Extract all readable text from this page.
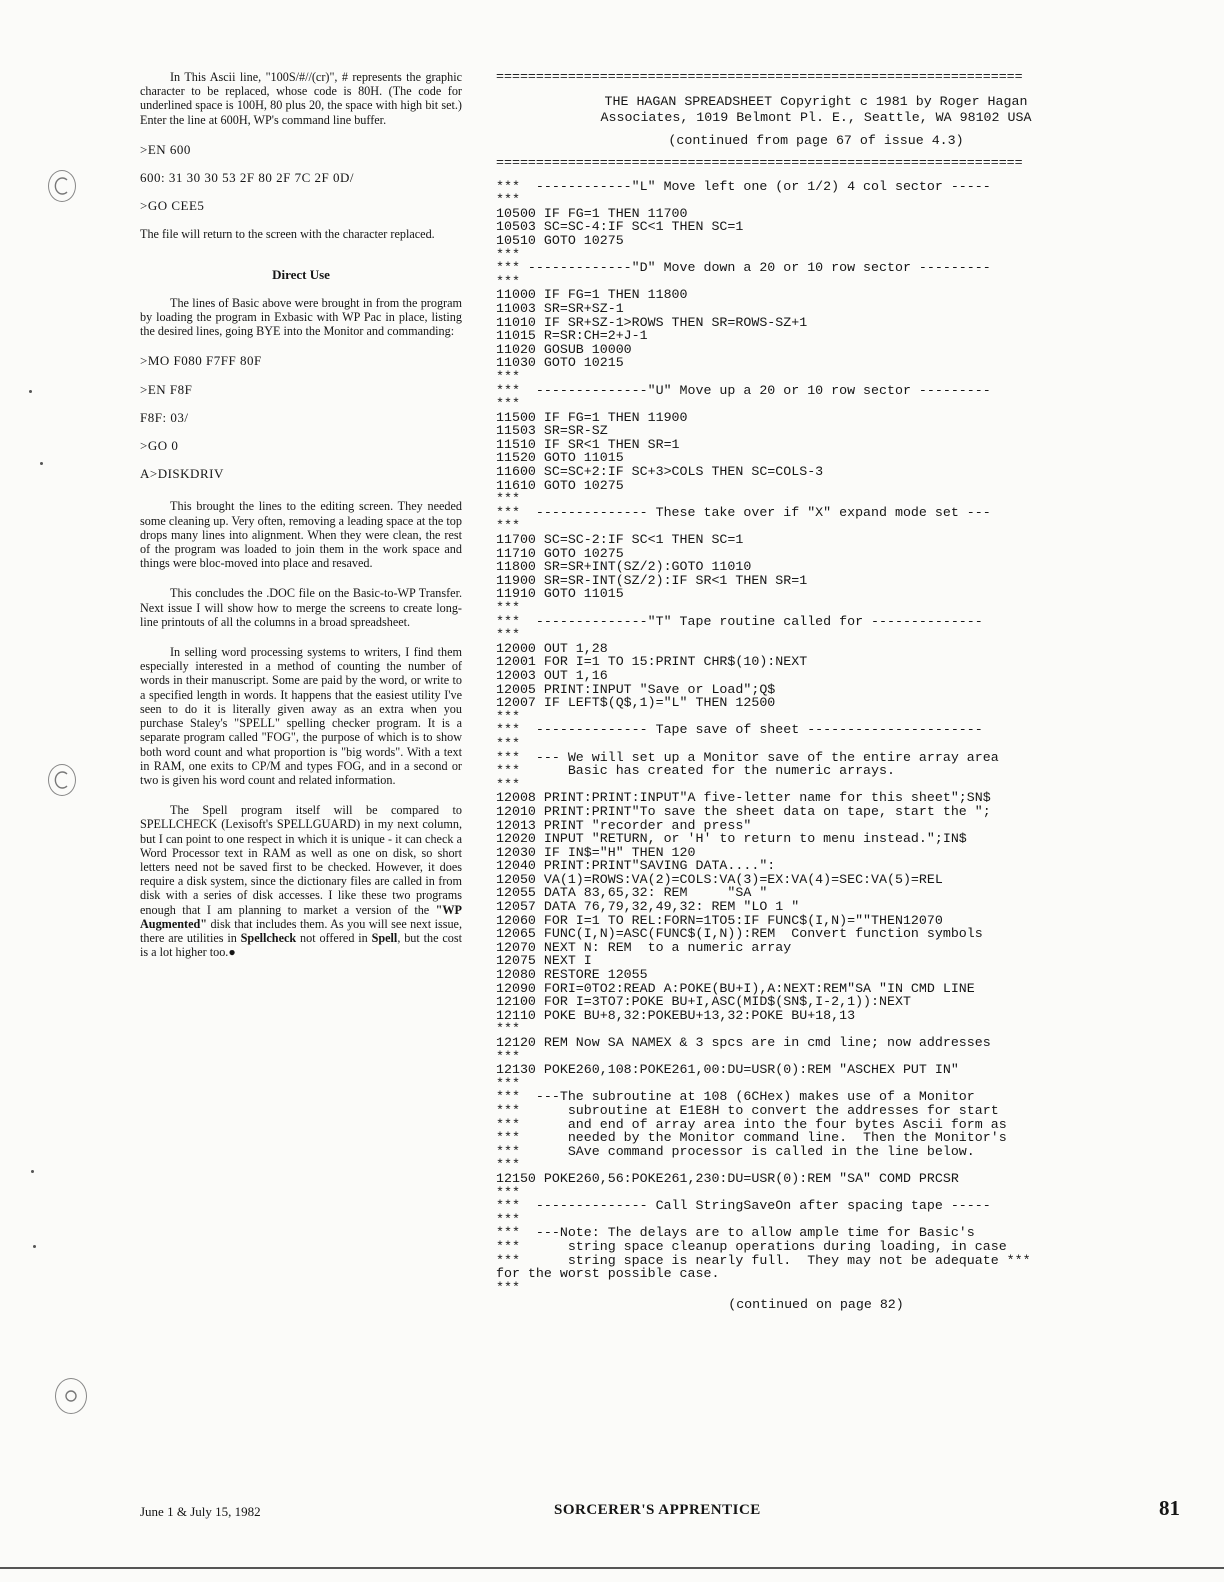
In This Ascii line, "100S/#//(cr)", # represents the graphic character to be replaced, whose code is 80H. (The code for underlined space is 100H, 80 plus 20, the space with high bit set.) Enter the line at 600H, WP's command line buffer.

>EN 600
600: 31 30 30 53 2F 80 2F 7C 2F 0D/
>GO CEE5

The file will return to the screen with the character replaced.

Direct Use

The lines of Basic above were brought in from the program by loading the program in Exbasic with WP Pac in place, listing the desired lines, going BYE into the Monitor and commanding:

>MO F080 F7FF 80F
>EN F8F
F8F: 03/
>GO 0
A>DISKDRIV

This brought the lines to the editing screen. They needed some cleaning up. Very often, removing a leading space at the top drops many lines into alignment. When they were clean, the rest of the program was loaded to join them in the work space and things were bloc-moved into place and resaved.

This concludes the .DOC file on the Basic-to-WP Transfer. Next issue I will show how to merge the screens to create long-line printouts of all the columns in a broad spreadsheet.

In selling word processing systems to writers, I find them especially interested in a method of counting the number of words in their manuscript. Some are paid by the word, or write to a specified length in words. It happens that the easiest utility I've seen to do it is literally given away as an extra when you purchase Staley's "SPELL" spelling checker program. It is a separate program called "FOG", the purpose of which is to show both word count and what proportion is "big words". With a text in RAM, one exits to CP/M and types FOG, and in a second or two is given his word count and related information.

The Spell program itself will be compared to SPELLCHECK (Lexisoft's SPELLGUARD) in my next column, but I can point to one respect in which it is unique - it can check a Word Processor text in RAM as well as one on disk, so short letters need not be saved first to be checked. However, it does require a disk system, since the dictionary files are called in from disk with a series of disk accesses. I like these two programs enough that I am planning to market a version of the "WP Augmented" disk that includes them. As you will see next issue, there are utilities in Spellcheck not offered in Spell, but the cost is a lot higher too.●

==================================================================
THE HAGAN SPREADSHEET Copyright c 1981 by Roger Hagan
Associates, 1019 Belmont Pl. E., Seattle, WA 98102 USA
(continued from page 67 of issue 4.3)
==================================================================
***  ------------"L" Move left one (or 1/2) 4 col sector -----
***
10500 IF FG=1 THEN 11700
10503 SC=SC-4:IF SC<1 THEN SC=1
10510 GOTO 10275
***
*** -------------"D" Move down a 20 or 10 row sector ---------
***
11000 IF FG=1 THEN 11800
11003 SR=SR+SZ-1
11010 IF SR+SZ-1>ROWS THEN SR=ROWS-SZ+1
11015 R=SR:CH=2+J-1
11020 GOSUB 10000
11030 GOTO 10215
***
***  --------------"U" Move up a 20 or 10 row sector ---------
***
11500 IF FG=1 THEN 11900
11503 SR=SR-SZ
11510 IF SR<1 THEN SR=1
11520 GOTO 11015
11600 SC=SC+2:IF SC+3>COLS THEN SC=COLS-3
11610 GOTO 10275
***
***  -------------- These take over if "X" expand mode set ---
***
11700 SC=SC-2:IF SC<1 THEN SC=1
11710 GOTO 10275
11800 SR=SR+INT(SZ/2):GOTO 11010
11900 SR=SR-INT(SZ/2):IF SR<1 THEN SR=1
11910 GOTO 11015
***
***  --------------"T" Tape routine called for --------------
***
12000 OUT 1,28
12001 FOR I=1 TO 15:PRINT CHR$(10):NEXT
12003 OUT 1,16
12005 PRINT:INPUT "Save or Load";Q$
12007 IF LEFT$(Q$,1)="L" THEN 12500
***
***  -------------- Tape save of sheet ----------------------
***
***  --- We will set up a Monitor save of the entire array area
***      Basic has created for the numeric arrays.
***
12008 PRINT:PRINT:INPUT"A five-letter name for this sheet";SN$
12010 PRINT:PRINT"To save the sheet data on tape, start the ";
12013 PRINT "recorder and press"
12020 INPUT "RETURN, or 'H' to return to menu instead.";IN$
12030 IF IN$="H" THEN 120
12040 PRINT:PRINT"SAVING DATA....":
12050 VA(1)=ROWS:VA(2)=COLS:VA(3)=EX:VA(4)=SEC:VA(5)=REL
12055 DATA 83,65,32: REM     "SA "
12057 DATA 76,79,32,49,32: REM "LO 1 "
12060 FOR I=1 TO REL:FORN=1TO5:IF FUNC$(I,N)=""THEN12070
12065 FUNC(I,N)=ASC(FUNC$(I,N)):REM  Convert function symbols
12070 NEXT N: REM  to a numeric array
12075 NEXT I
12080 RESTORE 12055
12090 FORI=0TO2:READ A:POKE(BU+I),A:NEXT:REM"SA "IN CMD LINE
12100 FOR I=3TO7:POKE BU+I,ASC(MID$(SN$,I-2,1)):NEXT
12110 POKE BU+8,32:POKEBU+13,32:POKE BU+18,13
***
12120 REM Now SA NAMEX & 3 spcs are in cmd line; now addresses
***
12130 POKE260,108:POKE261,00:DU=USR(0):REM "ASCHEX PUT IN"
***
***  ---The subroutine at 108 (6CHex) makes use of a Monitor
***      subroutine at E1E8H to convert the addresses for start
***      and end of array area into the four bytes Ascii form as
***      needed by the Monitor command line.  Then the Monitor's
***      SAve command processor is called in the line below.
***
12150 POKE260,56:POKE261,230:DU=USR(0):REM "SA" COMD PRCSR
***
***  -------------- Call StringSaveOn after spacing tape -----
***
***  ---Note: The delays are to allow ample time for Basic's
***      string space cleanup operations during loading, in case
***      string space is nearly full.  They may not be adequate ***
for the worst possible case.
***
(continued on page 82)
June 1 & July 15, 1982	SORCERER'S APPRENTICE	81
